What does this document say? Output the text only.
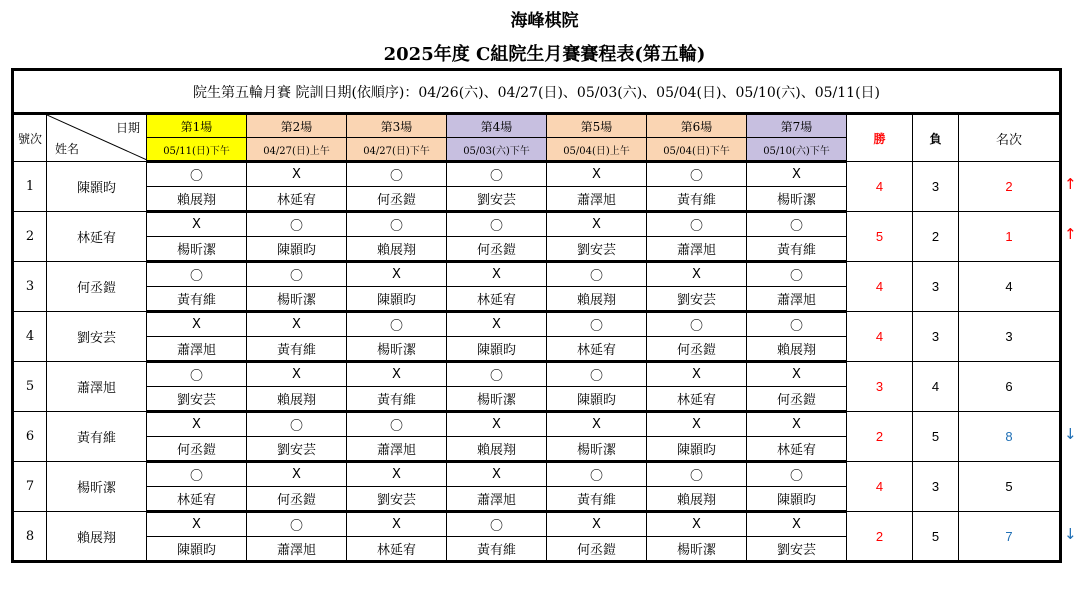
海峰棋院
2025年度 C組院生月賽賽程表(第五輪)
院生第五輪月賽 院訓日期(依順序)：04/26(六)、04/27(日)、05/03(六)、05/04(日)、05/10(六)、05/11(日)											
號次	日期
姓名	第1場	第2場	第3場	第4場	第5場	第6場	第7場	勝	負	名次
		05/11(日)下午	04/27(日)上午	04/27(日)下午	05/03(六)下午	05/04(日)上午	05/04(日)下午	05/10(六)下午			
1	陳顥昀	〇	X	〇	〇	X	〇	X	4	3	2
		賴展翔	林延宥	何丞鎧	劉安芸	蕭澤旭	黃有維	楊昕潔			
2	林延宥	X	〇	〇	〇	X	〇	〇	5	2	1
		楊昕潔	陳顥昀	賴展翔	何丞鎧	劉安芸	蕭澤旭	黃有維			
3	何丞鎧	〇	〇	X	X	〇	X	〇	4	3	4
		黃有維	楊昕潔	陳顥昀	林延宥	賴展翔	劉安芸	蕭澤旭			
4	劉安芸	X	X	〇	X	〇	〇	〇	4	3	3
		蕭澤旭	黃有維	楊昕潔	陳顥昀	林延宥	何丞鎧	賴展翔			
5	蕭澤旭	〇	X	X	〇	〇	X	X	3	4	6
		劉安芸	賴展翔	黃有維	楊昕潔	陳顥昀	林延宥	何丞鎧			
6	黃有維	X	〇	〇	X	X	X	X	2	5	8
		何丞鎧	劉安芸	蕭澤旭	賴展翔	楊昕潔	陳顥昀	林延宥			
7	楊昕潔	〇	X	X	X	〇	〇	〇	4	3	5
		林延宥	何丞鎧	劉安芸	蕭澤旭	黃有維	賴展翔	陳顥昀			
8	賴展翔	X	〇	X	〇	X	X	X	2	5	7
		陳顥昀	蕭澤旭	林延宥	黃有維	何丞鎧	楊昕潔	劉安芸			
↑
↑
↓
↓
